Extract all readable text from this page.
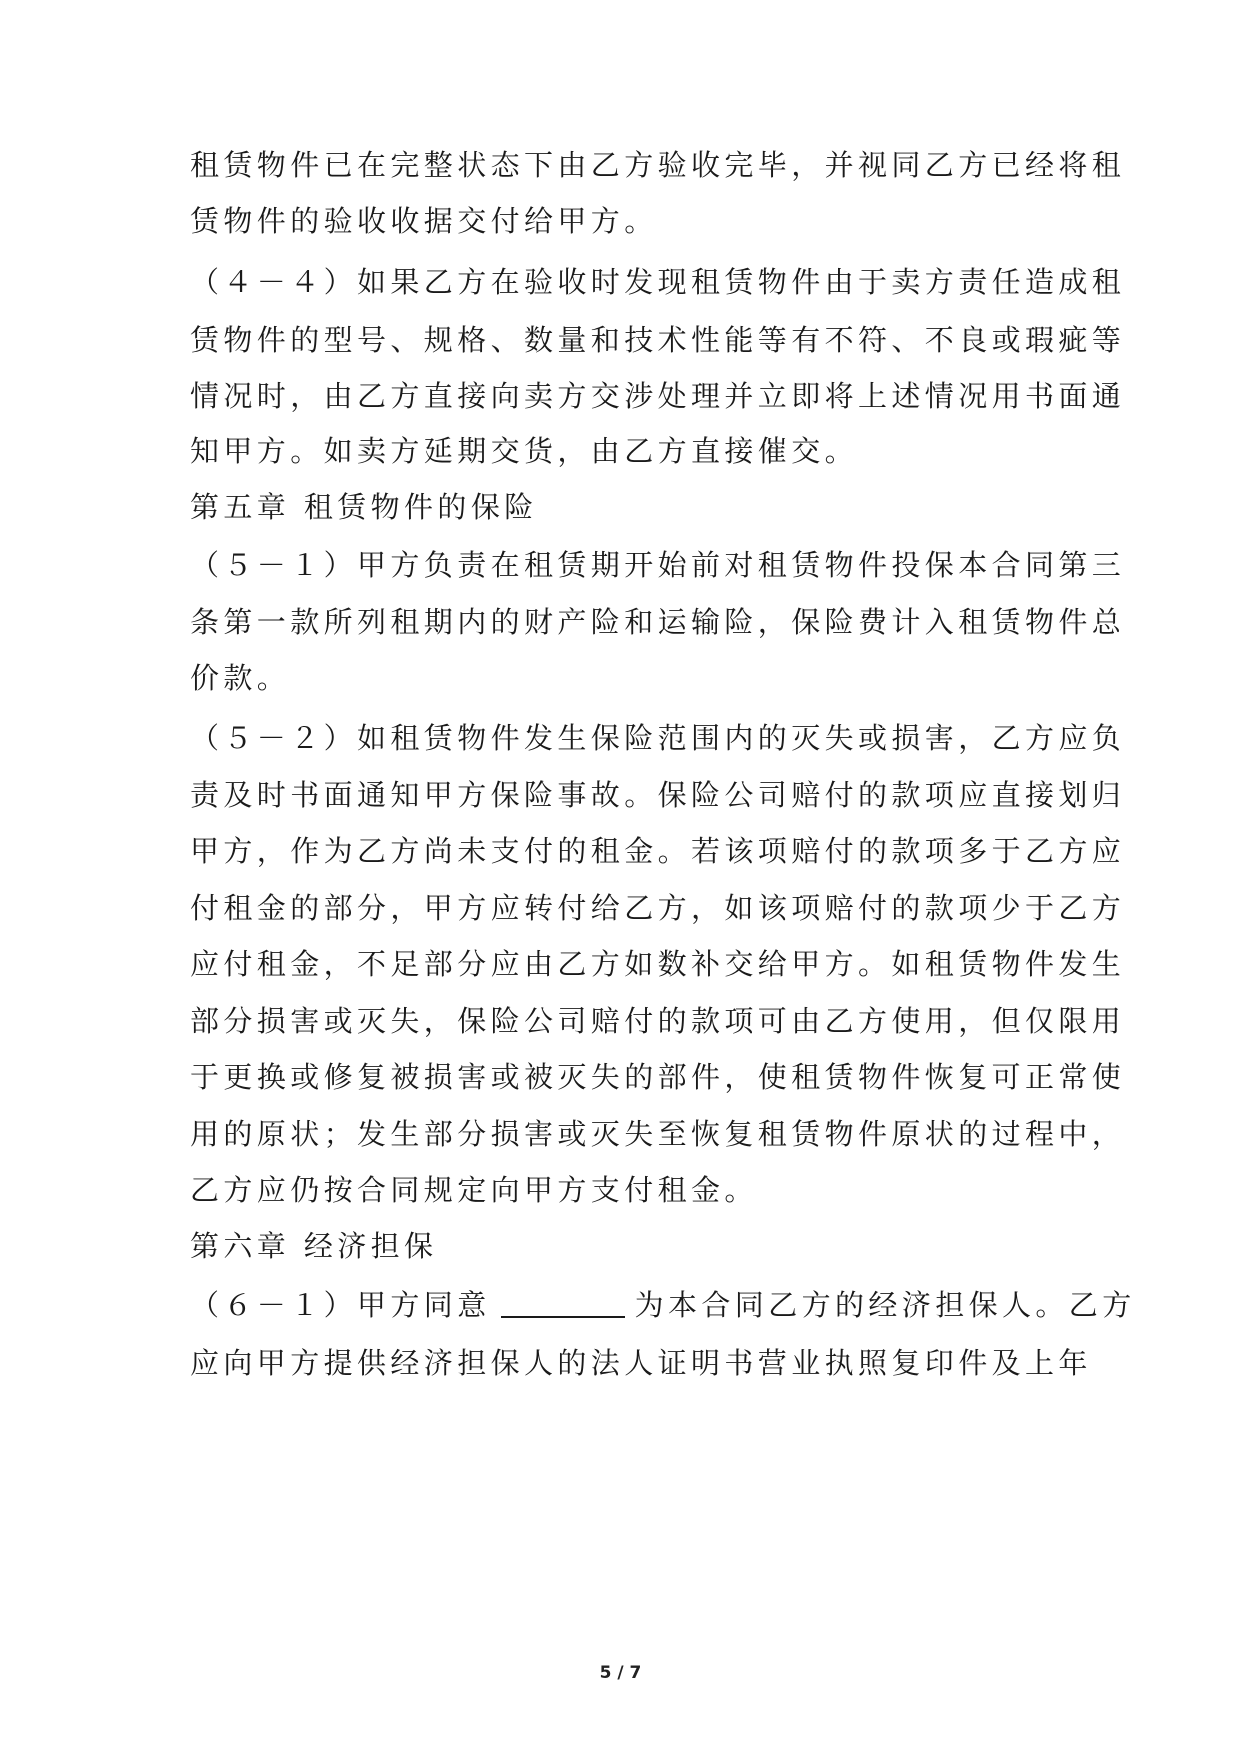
租赁物件已在完整状态下由乙方验收完毕，并视同乙方已经将租
赁物件的验收收据交付给甲方。
（４－４）如果乙方在验收时发现租赁物件由于卖方责任造成租
赁物件的型号、规格、数量和技术性能等有不符、不良或瑕疵等
情况时，由乙方直接向卖方交涉处理并立即将上述情况用书面通
知甲方。如卖方延期交货，由乙方直接催交。
第五章 租赁物件的保险
（５－１）甲方负责在租赁期开始前对租赁物件投保本合同第三
条第一款所列租期内的财产险和运输险，保险费计入租赁物件总
价款。
（５－２）如租赁物件发生保险范围内的灭失或损害，乙方应负
责及时书面通知甲方保险事故。保险公司赔付的款项应直接划归
甲方，作为乙方尚未支付的租金。若该项赔付的款项多于乙方应
付租金的部分，甲方应转付给乙方，如该项赔付的款项少于乙方
应付租金，不足部分应由乙方如数补交给甲方。如租赁物件发生
部分损害或灭失，保险公司赔付的款项可由乙方使用，但仅限用
于更换或修复被损害或被灭失的部件，使租赁物件恢复可正常使
用的原状；发生部分损害或灭失至恢复租赁物件原状的过程中，
乙方应仍按合同规定向甲方支付租金。
第六章 经济担保
（６－１）甲方同意	为本合同乙方的经济担保人。乙方
应向甲方提供经济担保人的法人证明书营业执照复印件及上年
5 / 7
